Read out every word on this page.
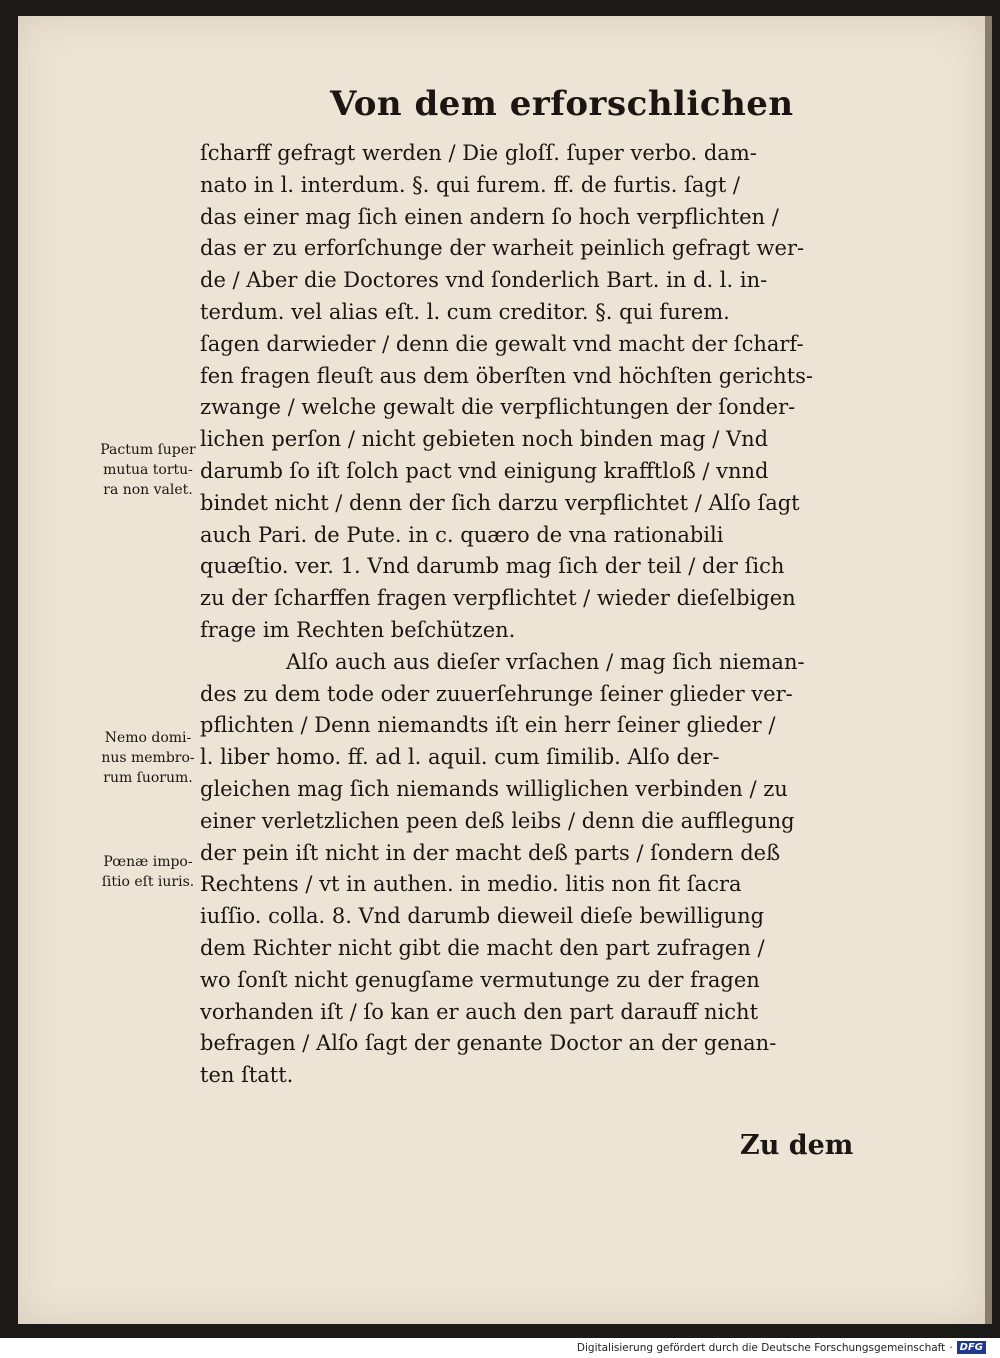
Von dem erforschlichen
ſcharff gefragt werden / Die gloſſ. ſuper verbo. dam-
nato in l. interdum. §. qui furem. ff. de furtis. ſagt /
das einer mag ſich einen andern ſo hoch verpflichten /
das er zu erforſchunge der warheit peinlich gefragt wer-
de / Aber die Doctores vnd ſonderlich Bart. in d. l. in-
terdum. vel alias eſt. l. cum creditor. §. qui furem.
ſagen darwieder / denn die gewalt vnd macht der ſcharf-
fen fragen fleuſt aus dem öberſten vnd höchſten gerichts-
zwange / welche gewalt die verpflichtungen der ſonder-
lichen perſon / nicht gebieten noch binden mag / Vnd
darumb ſo iſt ſolch pact vnd einigung krafftloß / vnnd
bindet nicht / denn der ſich darzu verpflichtet / Alſo ſagt
auch Pari. de Pute. in c. quæro de vna rationabili
quæſtio. ver. 1. Vnd darumb mag ſich der teil / der ſich
zu der ſcharffen fragen verpflichtet / wieder dieſelbigen
frage im Rechten beſchützen.
Alſo auch aus dieſer vrſachen / mag ſich nieman-
des zu dem tode oder zuuerſehrunge ſeiner glieder ver-
pflichten / Denn niemandts iſt ein herr ſeiner glieder /
l. liber homo. ff. ad l. aquil. cum ſimilib. Alſo der-
gleichen mag ſich niemands williglichen verbinden / zu
einer verletzlichen peen deß leibs / denn die aufflegung
der pein iſt nicht in der macht deß parts / ſondern deß
Rechtens / vt in authen. in medio. litis non fit ſacra
iuſſio. colla. 8. Vnd darumb dieweil dieſe bewilligung
dem Richter nicht gibt die macht den part zufragen /
wo ſonſt nicht genugſame vermutunge zu der fragen
vorhanden iſt / ſo kan er auch den part darauff nicht
befragen / Alſo ſagt der genante Doctor an der genan-
ten ſtatt.
Pactum ſuper
mutua tortu-
ra non valet.
Nemo domi-
nus membro-
rum ſuorum.
Pœnæ impo-
ſitio eſt iuris.
Zu dem
Digitalisierung gefördert durch die Deutsche Forschungsgemeinschaft · DFG
